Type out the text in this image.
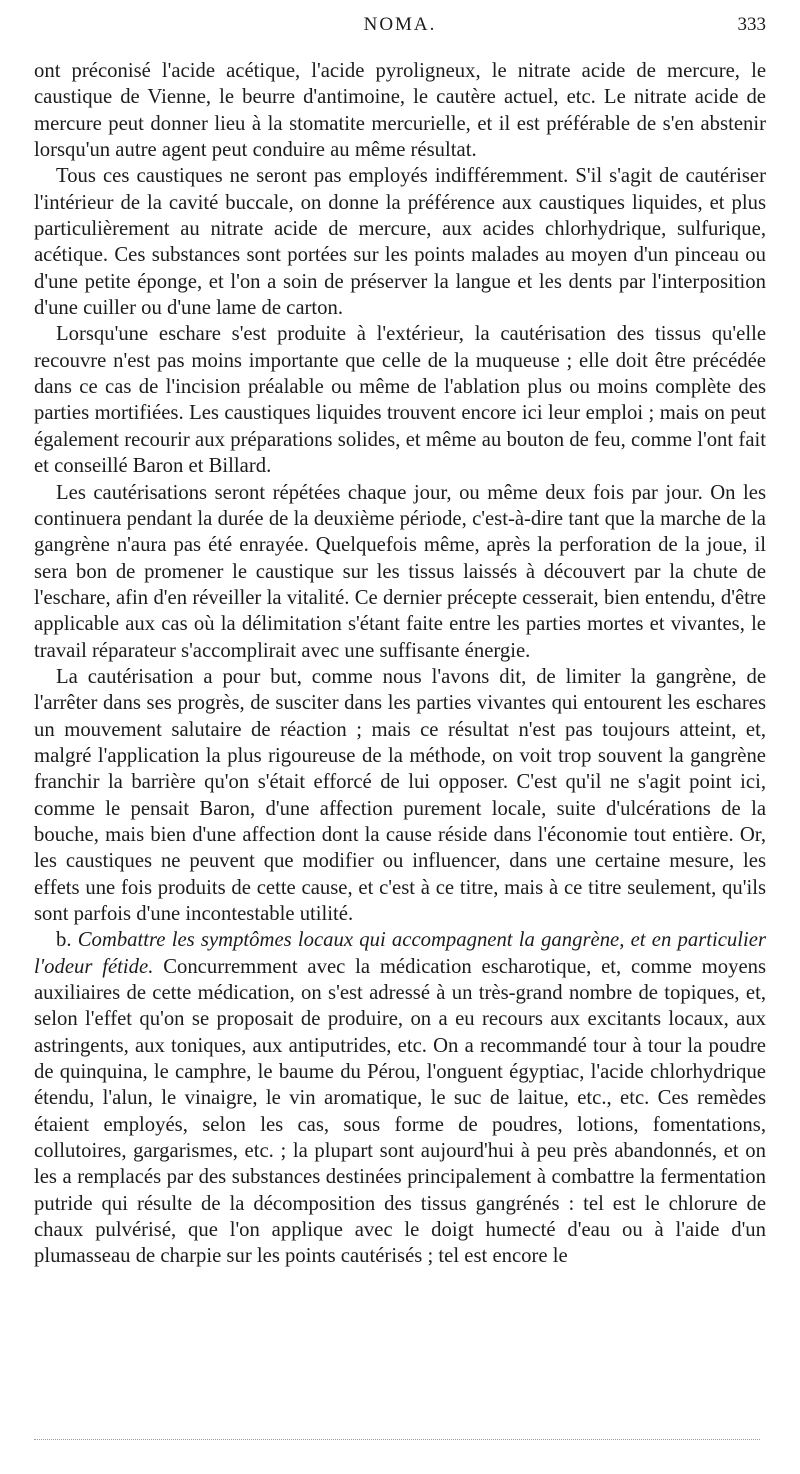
NOMA.	333

ont préconisé l'acide acétique, l'acide pyroligneux, le nitrate acide de mercure, le caustique de Vienne, le beurre d'antimoine, le cautère actuel, etc. Le nitrate acide de mercure peut donner lieu à la stomatite mercurielle, et il est préférable de s'en abstenir lorsqu'un autre agent peut conduire au même résultat.

Tous ces caustiques ne seront pas employés indifféremment. S'il s'agit de cautériser l'intérieur de la cavité buccale, on donne la préférence aux caustiques liquides, et plus particulièrement au nitrate acide de mercure, aux acides chlorhydrique, sulfurique, acétique. Ces substances sont portées sur les points malades au moyen d'un pinceau ou d'une petite éponge, et l'on a soin de préserver la langue et les dents par l'interposition d'une cuiller ou d'une lame de carton.

Lorsqu'une eschare s'est produite à l'extérieur, la cautérisation des tissus qu'elle recouvre n'est pas moins importante que celle de la muqueuse ; elle doit être précédée dans ce cas de l'incision préalable ou même de l'ablation plus ou moins complète des parties mortifiées. Les caustiques liquides trouvent encore ici leur emploi ; mais on peut également recourir aux préparations solides, et même au bouton de feu, comme l'ont fait et conseillé Baron et Billard.

Les cautérisations seront répétées chaque jour, ou même deux fois par jour. On les continuera pendant la durée de la deuxième période, c'est-à-dire tant que la marche de la gangrène n'aura pas été enrayée. Quelquefois même, après la perforation de la joue, il sera bon de promener le caustique sur les tissus laissés à découvert par la chute de l'eschare, afin d'en réveiller la vitalité. Ce dernier précepte cesserait, bien entendu, d'être applicable aux cas où la délimitation s'étant faite entre les parties mortes et vivantes, le travail réparateur s'accomplirait avec une suffisante énergie.

La cautérisation a pour but, comme nous l'avons dit, de limiter la gangrène, de l'arrêter dans ses progrès, de susciter dans les parties vivantes qui entourent les eschares un mouvement salutaire de réaction ; mais ce résultat n'est pas toujours atteint, et, malgré l'application la plus rigoureuse de la méthode, on voit trop souvent la gangrène franchir la barrière qu'on s'était efforcé de lui opposer. C'est qu'il ne s'agit point ici, comme le pensait Baron, d'une affection purement locale, suite d'ulcérations de la bouche, mais bien d'une affection dont la cause réside dans l'économie tout entière. Or, les caustiques ne peuvent que modifier ou influencer, dans une certaine mesure, les effets une fois produits de cette cause, et c'est à ce titre, mais à ce titre seulement, qu'ils sont parfois d'une incontestable utilité.

b. Combattre les symptômes locaux qui accompagnent la gangrène, et en particulier l'odeur fétide. Concurremment avec la médication escharotique, et, comme moyens auxiliaires de cette médication, on s'est adressé à un très-grand nombre de topiques, et, selon l'effet qu'on se proposait de produire, on a eu recours aux excitants locaux, aux astringents, aux toniques, aux antiputrides, etc. On a recommandé tour à tour la poudre de quinquina, le camphre, le baume du Pérou, l'onguent égyptiac, l'acide chlorhydrique étendu, l'alun, le vinaigre, le vin aromatique, le suc de laitue, etc., etc. Ces remèdes étaient employés, selon les cas, sous forme de poudres, lotions, fomentations, collutoires, gargarismes, etc. ; la plupart sont aujourd'hui à peu près abandonnés, et on les a remplacés par des substances destinées principalement à combattre la fermentation putride qui résulte de la décomposition des tissus gangrénés : tel est le chlorure de chaux pulvérisé, que l'on applique avec le doigt humecté d'eau ou à l'aide d'un plumasseau de charpie sur les points cautérisés ; tel est encore le
